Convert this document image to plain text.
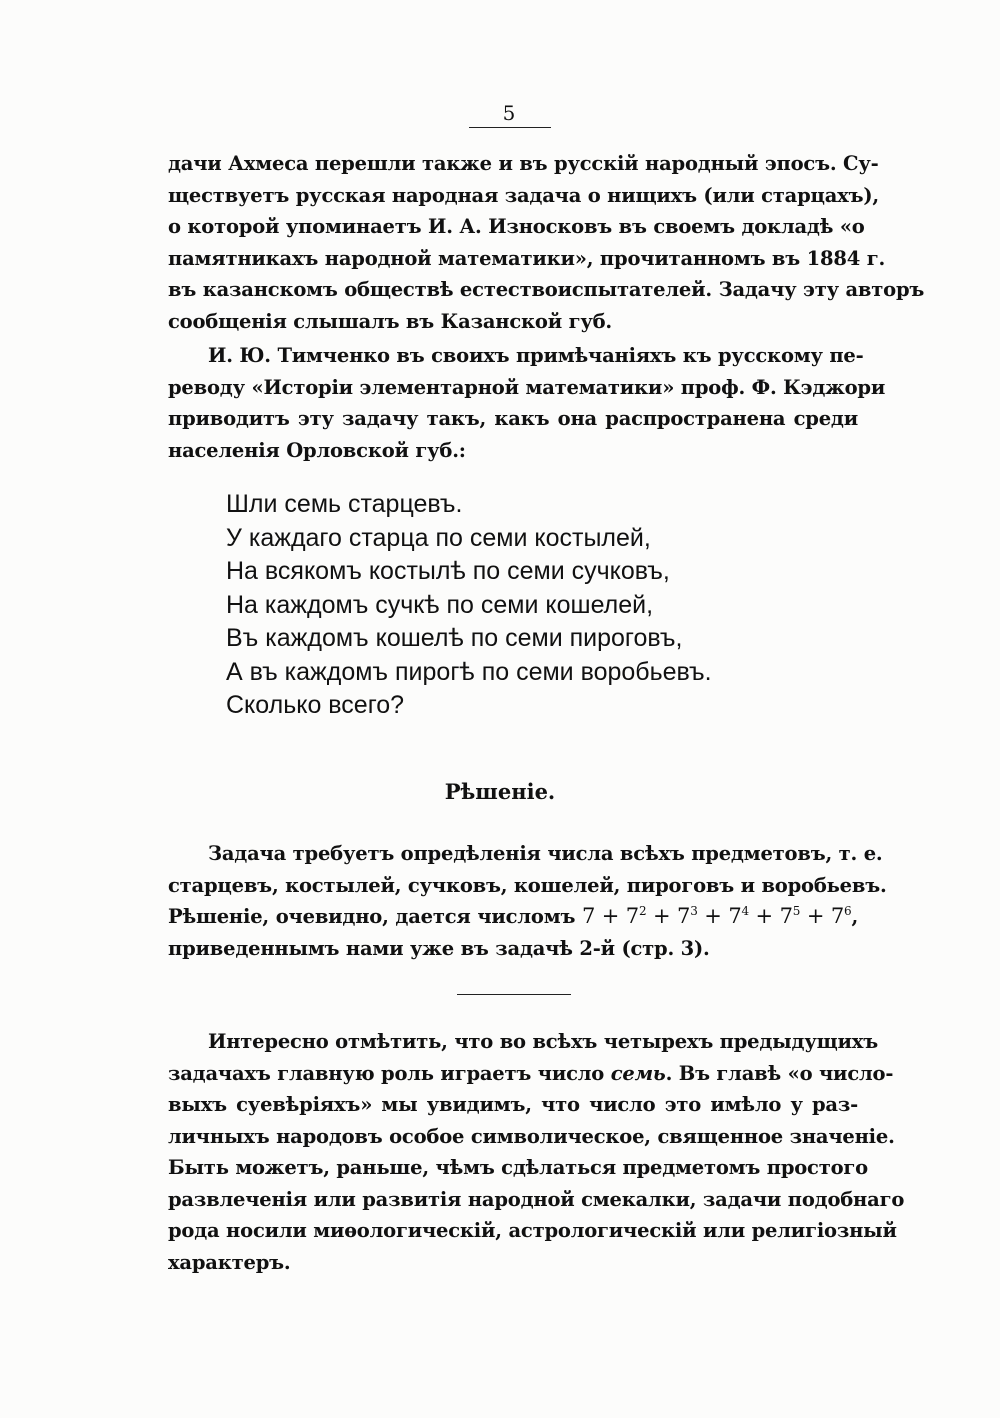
5
дачи Ахмеса перешли также и въ русскій народный эпосъ. Су-
ществуетъ русская народная задача о нищихъ (или старцахъ),
о которой упоминаетъ И. А. Износковъ въ своемъ докладѣ «о
памятникахъ народной математики», прочитанномъ въ 1884 г.
въ казанскомъ обществѣ естествоиспытателей. Задачу эту авторъ
сообщенія слышалъ въ Казанской губ.
И. Ю. Тимченко въ своихъ примѣчаніяхъ къ русскому пе-
реводу «Исторіи элементарной математики» проф. Ф. Кэджори
приводитъ эту задачу такъ, какъ она распространена среди
населенія Орловской губ.:
Шли семь старцевъ.
У каждаго старца по семи костылей,
На всякомъ костылѣ по семи сучковъ,
На каждомъ сучкѣ по семи кошелей,
Въ каждомъ кошелѣ по семи пироговъ,
А въ каждомъ пирогѣ по семи воробьевъ.
Сколько всего?
Рѣшеніе.
Задача требуетъ опредѣленія числа всѣхъ предметовъ, т. е.
старцевъ, костылей, сучковъ, кошелей, пироговъ и воробьевъ.
Рѣшеніе, очевидно, дается числомъ $7 + 7^2 + 7^3 + 7^4 + 7^5 + 7^6$,
приведеннымъ нами уже въ задачѣ 2-й (стр. 3).
Интересно отмѣтить, что во всѣхъ четырехъ предыдущихъ
задачахъ главную роль играетъ число семь. Въ главѣ «о числo-
выхъ суевѣріяхъ» мы увидимъ, что число это имѣло у раз-
личныхъ народовъ особое символическое, священное значеніе.
Быть можетъ, раньше, чѣмъ сдѣлаться предметомъ простого
развлеченія или развитія народной смекалки, задачи подобнаго
рода носили миѳологическій, астрологическій или религіозный
характеръ.
